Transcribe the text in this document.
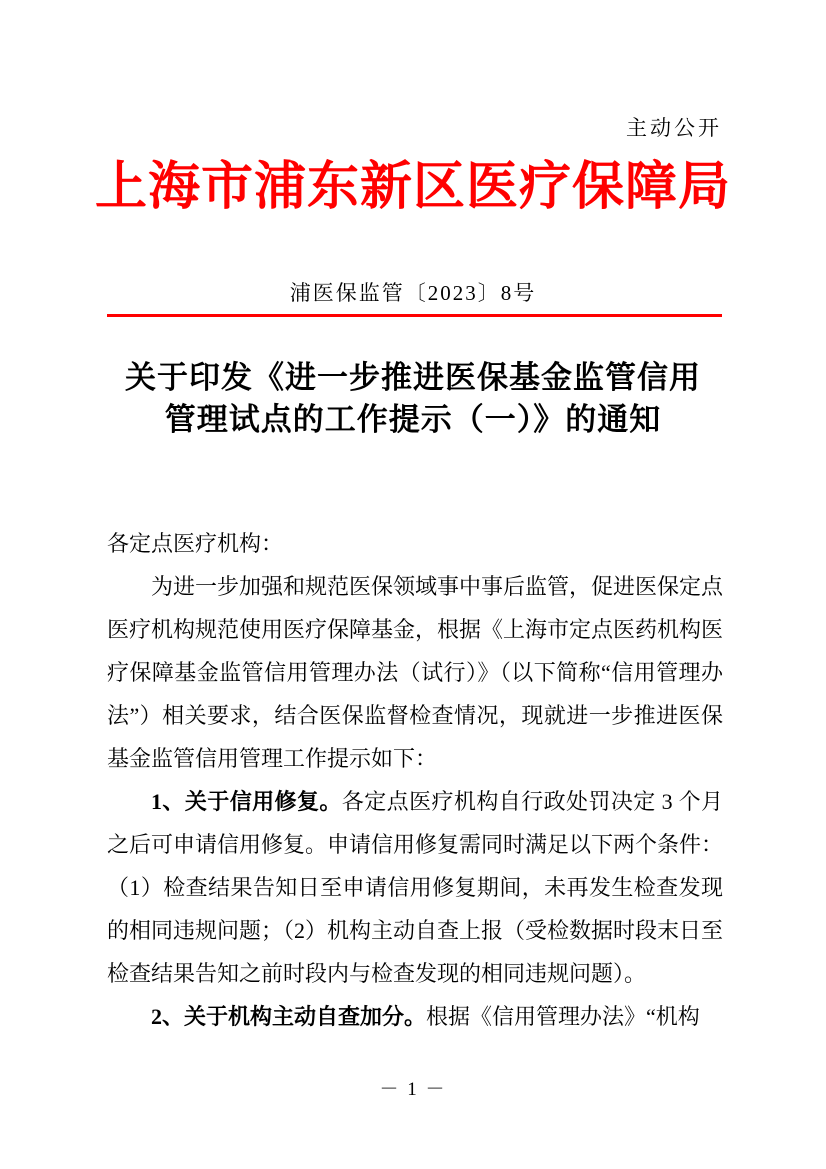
主动公开
上海市浦东新区医疗保障局
浦医保监管〔2023〕8号
关于印发《进一步推进医保基金监管信用
管理试点的工作提示（一）》的通知

各定点医疗机构：

为进一步加强和规范医保领域事中事后监管，促进医保定点医疗机构规范使用医疗保障基金，根据《上海市定点医药机构医疗保障基金监管信用管理办法（试行）》（以下简称“信用管理办法”）相关要求，结合医保监督检查情况，现就进一步推进医保基金监管信用管理工作提示如下：

1、关于信用修复。各定点医疗机构自行政处罚决定 3 个月之后可申请信用修复。申请信用修复需同时满足以下两个条件：（1）检查结果告知日至申请信用修复期间，未再发生检查发现的相同违规问题；（2）机构主动自查上报（受检数据时段末日至检查结果告知之前时段内与检查发现的相同违规问题）。

2、关于机构主动自查加分。根据《信用管理办法》“机构

－ 1 －
